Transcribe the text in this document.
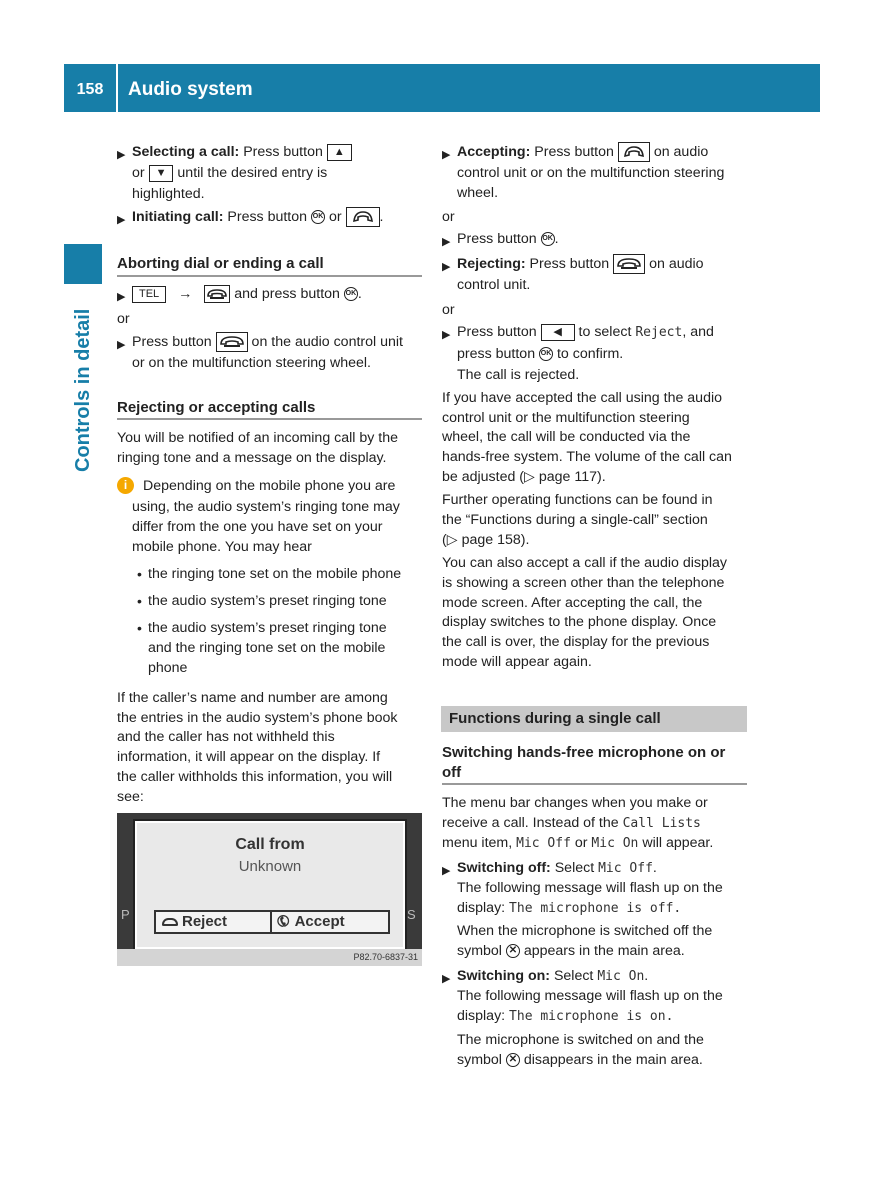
158	Audio system
Controls in detail
▶ Selecting a call: Press button ▲
or ▼ until the desired entry is
highlighted.
▶ Initiating call: Press button OK or .
Aborting dial or ending a call
▶	TEL →	and press button OK .
or
▶ Press button	on the audio control unit
or on the multifunction steering wheel.
Rejecting or accepting calls
You will be notified of an incoming call by the
ringing tone and a message on the display.
i	Depending on the mobile phone you are
using, the audio system’s ringing tone may
differ from the one you have set on your
mobile phone. You may hear
• the ringing tone set on the mobile phone
• the audio system’s preset ringing tone
• the audio system’s preset ringing tone
and the ringing tone set on the mobile
phone
If the caller’s name and number are among
the entries in the audio system’s phone book
and the caller has not withheld this
information, it will appear on the display. If
the caller withholds this information, you will
see:
P	S
Call from
Unknown
Reject	✆Accept
P82.70-6837-31
▶ Accepting: Press button	on audio
control unit or on the multifunction steering
wheel.
or
▶ Press button OK .
▶ Rejecting: Press button	on audio
control unit.
or
▶ Press button ◀ to select Reject, and
press button OK to confirm.
The call is rejected.
If you have accepted the call using the audio
control unit or the multifunction steering
wheel, the call will be conducted via the
hands-free system. The volume of the call can
be adjusted (▷ page 117).
Further operating functions can be found in
the “Functions during a single-call” section
(▷ page 158).
You can also accept a call if the audio display
is showing a screen other than the telephone
mode screen. After accepting the call, the
display switches to the phone display. Once
the call is over, the display for the previous
mode will appear again.
Functions during a single call
Switching hands-free microphone on or
off
The menu bar changes when you make or
receive a call. Instead of the Call Lists
menu item, Mic Off or Mic On will appear.
▶ Switching off: Select Mic Off.
The following message will flash up on the
display: The microphone is off.
When the microphone is switched off the
symbol ✕ appears in the main area.
▶ Switching on: Select Mic On.
The following message will flash up on the
display: The microphone is on.
The microphone is switched on and the
symbol ✕ disappears in the main area.
